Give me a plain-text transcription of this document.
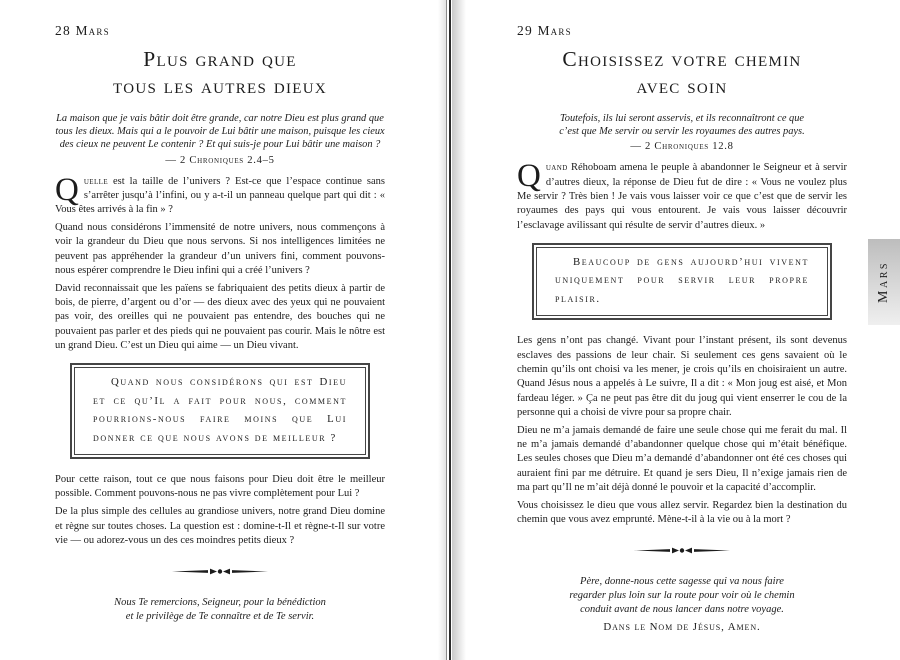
28 Mars
Plus grand que
tous les autres dieux
La maison que je vais bâtir doit être grande, car notre Dieu est plus grand que
tous les dieux. Mais qui a le pouvoir de Lui bâtir une maison, puisque les cieux
des cieux ne peuvent Le contenir ? Et qui suis-je pour Lui bâtir une maison ?
— 2 Chroniques 2.4–5

Quelle est la taille de l’univers ? Est-ce que l’espace continue sans s’arrêter jusqu’à l’infini, ou y a-t-il un panneau quelque part qui dit : « Vous êtes arrivés à la fin » ?

Quand nous considérons l’immensité de notre univers, nous commençons à voir la grandeur du Dieu que nous servons. Si nos intelligences limitées ne peuvent pas appréhender la grandeur d’un univers fini, comment pouvons-nous espérer comprendre le Dieu infini qui a créé l’univers ?

David reconnaissait que les païens se fabriquaient des petits dieux à partir de bois, de pierre, d’argent ou d’or — des dieux avec des yeux qui ne pouvaient pas voir, des oreilles qui ne pouvaient pas entendre, des bouches qui ne pouvaient pas parler et des pieds qui ne pouvaient pas courir. Mais le nôtre est un grand Dieu. C’est un Dieu qui aime — un Dieu vivant.

Quand nous considérons qui est Dieu et ce qu’Il a fait pour nous, comment pourrions-nous faire moins que Lui donner ce que nous avons de meilleur ?

Pour cette raison, tout ce que nous faisons pour Dieu doit être le meilleur possible. Comment pouvons-nous ne pas vivre complètement pour Lui ?

De la plus simple des cellules au grandiose univers, notre grand Dieu domine et règne sur toutes choses. La question est : domine-t-Il et règne-t-Il sur votre vie — ou adorez-vous un des ces moindres petits dieux ?

Nous Te remercions, Seigneur, pour la bénédiction
et le privilège de Te connaître et de Te servir.
29 Mars
Choisissez votre chemin
avec soin
Toutefois, ils lui seront asservis, et ils reconnaîtront ce que
c’est que Me servir ou servir les royaumes des autres pays.
— 2 Chroniques 12.8

Quand Réhoboam amena le peuple à abandonner le Seigneur et à servir d’autres dieux, la réponse de Dieu fut de dire : « Vous ne voulez plus Me servir ? Très bien ! Je vais vous laisser voir ce que c’est que de servir les royaumes des pays qui vous entourent. Je vais vous laisser découvrir l’esclavage avilissant qui résulte de servir d’autres dieux. »

Beaucoup de gens aujourd’hui vivent uniquement pour servir leur propre plaisir.

Les gens n’ont pas changé. Vivant pour l’instant présent, ils sont devenus esclaves des passions de leur chair. Si seulement ces gens savaient où le chemin qu’ils ont choisi va les mener, je crois qu’ils en choisiraient un autre. Quand Jésus nous a appelés à Le suivre, Il a dit : « Mon joug est aisé, et Mon fardeau léger. » Ça ne peut pas être dit du joug qui vient enserrer le cou de la personne qui a choisi de vivre pour sa propre chair.

Dieu ne m’a jamais demandé de faire une seule chose qui me ferait du mal. Il ne m’a jamais demandé d’abandonner quelque chose qui m’était bénéfique. Les seules choses que Dieu m’a demandé d’abandonner ont été ces choses qui auraient fini par me détruire. Et quand je sers Dieu, Il n’exige jamais rien de ma part qu’Il ne m’ait déjà donné le pouvoir et la capacité d’accomplir.

Vous choisissez le dieu que vous allez servir. Regardez bien la destination du chemin que vous avez emprunté. Mène-t-il à la vie ou à la mort ?

Père, donne-nous cette sagesse qui va nous faire
regarder plus loin sur la route pour voir où le chemin
conduit avant de nous lancer dans notre voyage.
Dans le Nom de Jésus, Amen.
Mars
